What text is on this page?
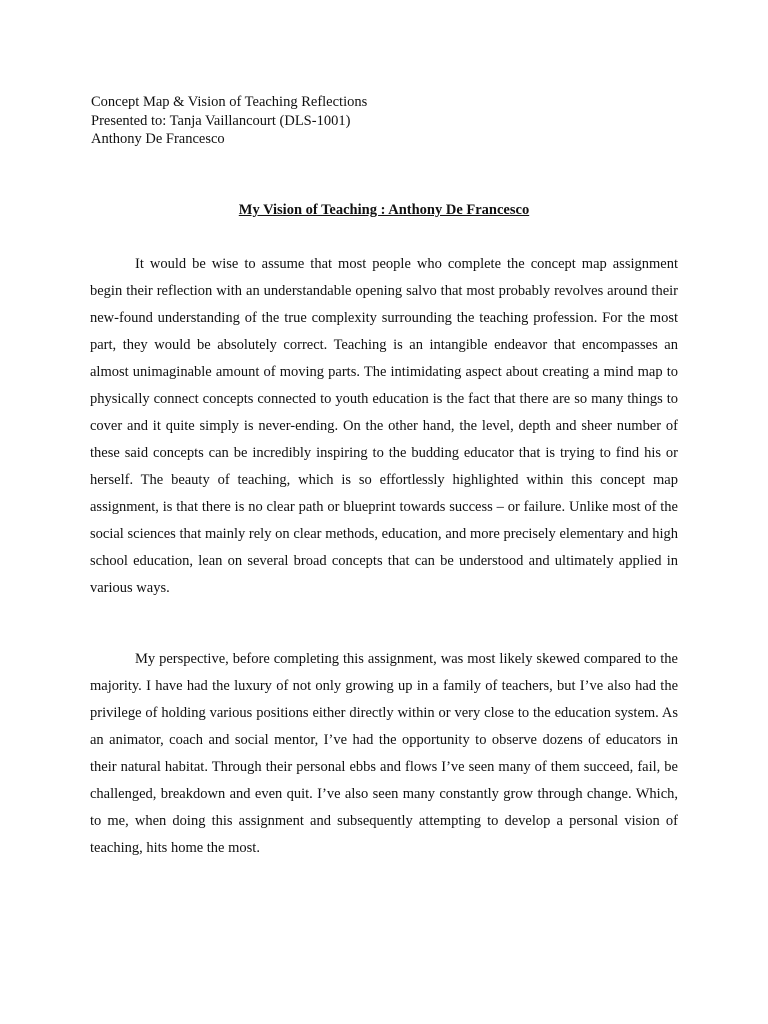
Concept Map & Vision of Teaching Reflections

Presented to: Tanja Vaillancourt (DLS-1001)

Anthony De Francesco

My Vision of Teaching : Anthony De Francesco

It would be wise to assume that most people who complete the concept map assignment begin their reflection with an understandable opening salvo that most probably revolves around their new-found understanding of the true complexity surrounding the teaching profession. For the most part, they would be absolutely correct. Teaching is an intangible endeavor that encompasses an almost unimaginable amount of moving parts. The intimidating aspect about creating a mind map to physically connect concepts connected to youth education is the fact that there are so many things to cover and it quite simply is never-ending. On the other hand, the level, depth and sheer number of these said concepts can be incredibly inspiring to the budding educator that is trying to find his or herself. The beauty of teaching, which is so effortlessly highlighted within this concept map assignment, is that there is no clear path or blueprint towards success – or failure. Unlike most of the social sciences that mainly rely on clear methods, education, and more precisely elementary and high school education, lean on several broad concepts that can be understood and ultimately applied in various ways.

My perspective, before completing this assignment, was most likely skewed compared to the majority. I have had the luxury of not only growing up in a family of teachers, but I’ve also had the privilege of holding various positions either directly within or very close to the education system. As an animator, coach and social mentor, I’ve had the opportunity to observe dozens of educators in their natural habitat. Through their personal ebbs and flows I’ve seen many of them succeed, fail, be challenged, breakdown and even quit. I’ve also seen many constantly grow through change. Which, to me, when doing this assignment and subsequently attempting to develop a personal vision of teaching, hits home the most.
